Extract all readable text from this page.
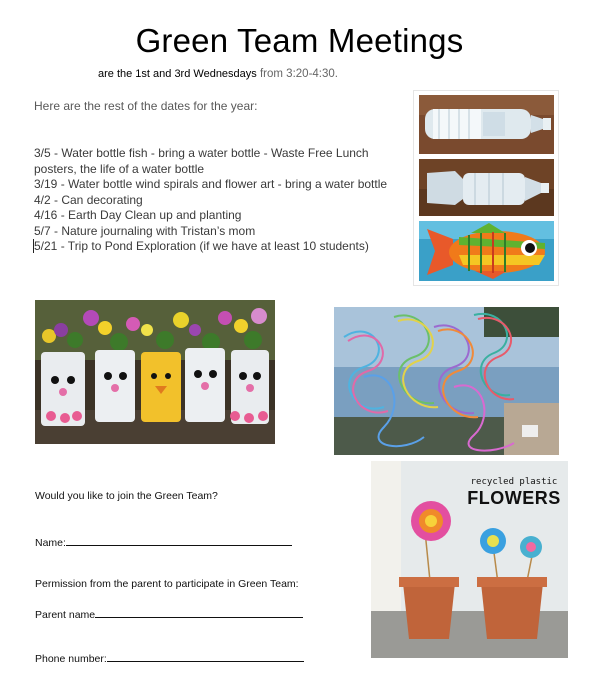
Green Team Meetings
are the 1st and 3rd Wednesdays from 3:20-4:30.
Here are the rest of the dates for the year:
3/5 - Water bottle fish - bring a water bottle - Waste Free Lunch posters, the life of a water bottle
3/19 - Water bottle wind spirals and flower art - bring a water bottle
4/2 - Can decorating
4/16 - Earth Day Clean up and planting
5/7 - Nature journaling with Tristan’s mom
5/21 - Trip to Pond Exploration (if we have at least 10 students)
recycled plastic
FLOWERS
Would you like to join the Green Team?
Name:
Permission from the parent to participate in Green Team:
Parent name
Phone number:
